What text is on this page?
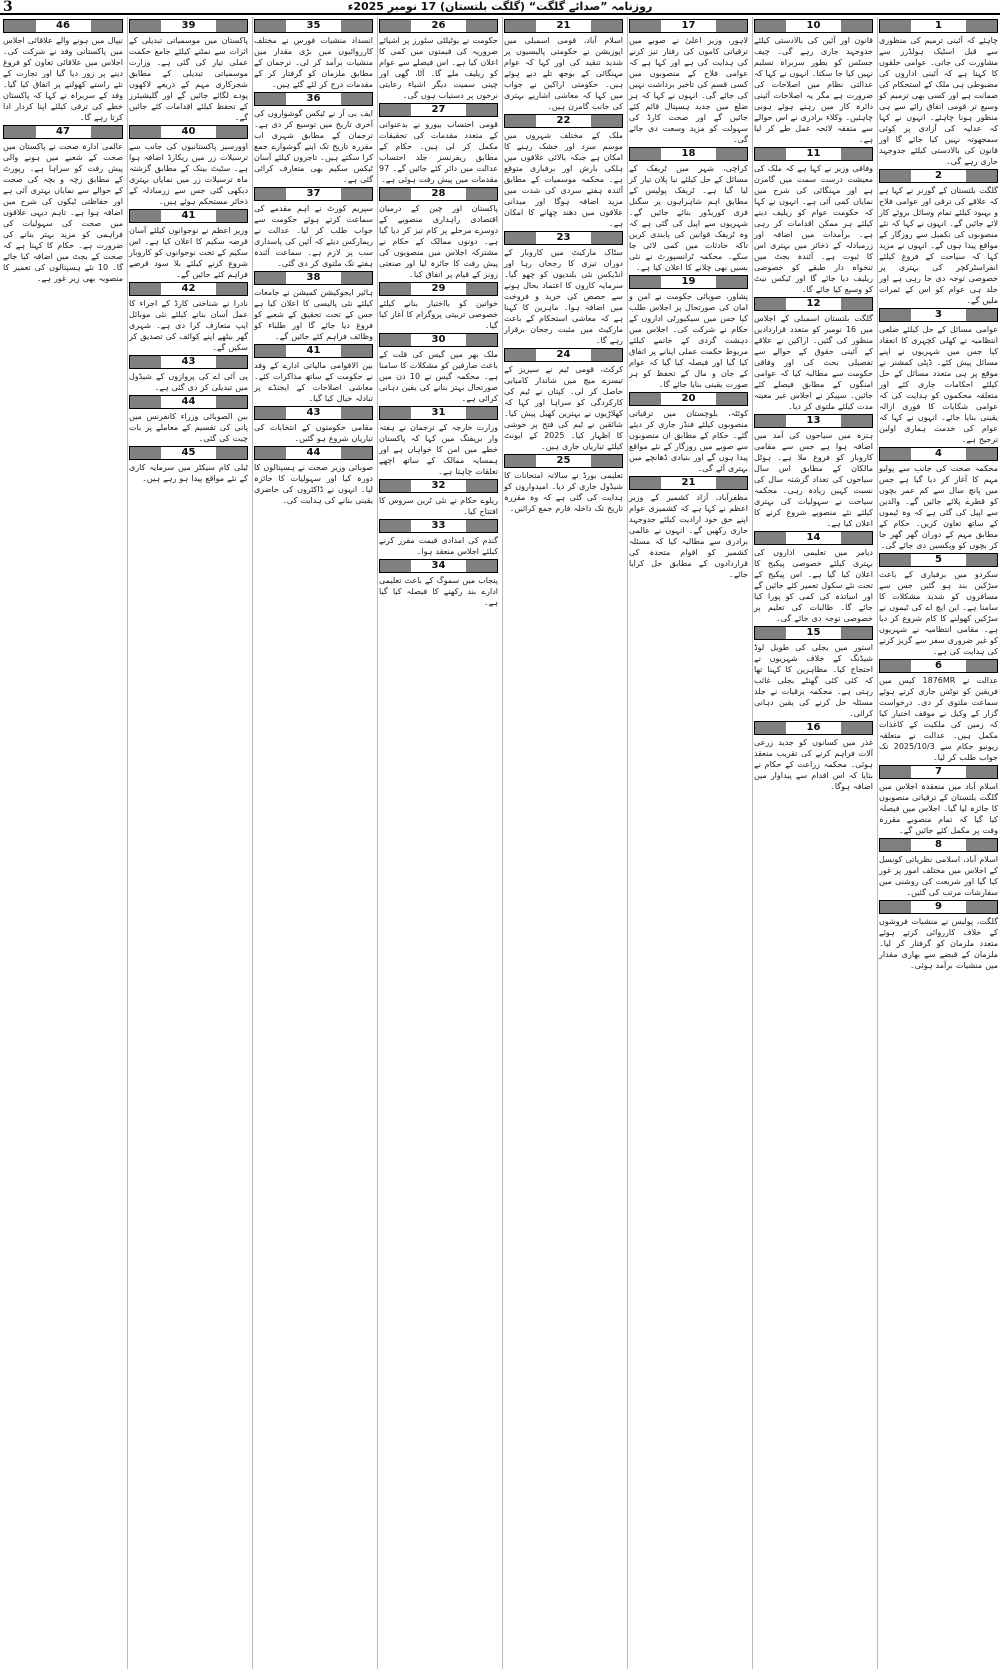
3	روزنامہ ”صدائے گلگت“ (گلگت بلتستان) 17 نومبر 2025ء
1
چاہئے کہ آئینی ترمیم کی منظوری سے قبل اسٹیک ہولڈرز سے مشاورت کی جاتی۔ عوامی حلقوں کا کہنا ہے کہ آئینی اداروں کی مضبوطی ہی ملک کے استحکام کی ضمانت ہے اور کسی بھی ترمیم کو وسیع تر قومی اتفاق رائے سے ہی منظور ہونا چاہئے۔ انہوں نے کہا کہ عدلیہ کی آزادی پر کوئی سمجھوتہ نہیں کیا جائے گا اور قانون کی بالادستی کیلئے جدوجہد جاری رہے گی۔
2
گلگت بلتستان کے گورنر نے کہا ہے کہ علاقے کی ترقی اور عوامی فلاح و بہبود کیلئے تمام وسائل بروئے کار لائے جائیں گے۔ انہوں نے کہا کہ نئے منصوبوں کی تکمیل سے روزگار کے مواقع پیدا ہوں گے۔ انہوں نے مزید کہا کہ سیاحت کے فروغ کیلئے انفراسٹرکچر کی بہتری پر خصوصی توجہ دی جا رہی ہے اور جلد ہی عوام کو اس کے ثمرات ملیں گے۔
3
عوامی مسائل کے حل کیلئے ضلعی انتظامیہ نے کھلی کچہری کا انعقاد کیا جس میں شہریوں نے اپنے مسائل پیش کئے۔ ڈپٹی کمشنر نے موقع پر ہی متعدد مسائل کے حل کیلئے احکامات جاری کئے اور متعلقہ محکموں کو ہدایت کی کہ عوامی شکایات کا فوری ازالہ یقینی بنایا جائے۔ انہوں نے کہا کہ عوام کی خدمت ہماری اولین ترجیح ہے۔
4
محکمہ صحت کی جانب سے پولیو مہم کا آغاز کر دیا گیا ہے جس میں پانچ سال سے کم عمر بچوں کو قطرے پلائے جائیں گے۔ والدین سے اپیل کی گئی ہے کہ وہ ٹیموں کے ساتھ تعاون کریں۔ حکام کے مطابق مہم کے دوران گھر گھر جا کر بچوں کو ویکسین دی جائے گی۔
5
سکردو میں برفباری کے باعث سڑکیں بند ہو گئیں جس سے مسافروں کو شدید مشکلات کا سامنا ہے۔ این ایچ اے کی ٹیموں نے سڑکیں کھولنے کا کام شروع کر دیا ہے۔ مقامی انتظامیہ نے شہریوں کو غیر ضروری سفر سے گریز کرنے کی ہدایت کی ہے۔
6
عدالت نے 1876MR کیس میں فریقین کو نوٹس جاری کرتے ہوئے سماعت ملتوی کر دی۔ درخواست گزار کے وکیل نے موقف اختیار کیا کہ زمین کی ملکیت کے کاغذات مکمل ہیں۔ عدالت نے متعلقہ ریونیو حکام سے 2025/10/3 تک جواب طلب کر لیا۔
7
اسلام آباد میں منعقدہ اجلاس میں گلگت بلتستان کے ترقیاتی منصوبوں کا جائزہ لیا گیا۔ اجلاس میں فیصلہ کیا گیا کہ تمام منصوبے مقررہ وقت پر مکمل کئے جائیں گے۔
8
اسلام آباد، اسلامی نظریاتی کونسل کے اجلاس میں مختلف امور پر غور کیا گیا اور شریعت کی روشنی میں سفارشات مرتب کی گئیں۔
9
گلگت، پولیس نے منشیات فروشوں کے خلاف کارروائی کرتے ہوئے متعدد ملزمان کو گرفتار کر لیا۔ ملزمان کے قبضے سے بھاری مقدار میں منشیات برآمد ہوئی۔
10
قانون اور آئین کی بالادستی کیلئے جدوجہد جاری رہے گی۔ چیف جسٹس کو بطور سربراہ تسلیم نہیں کیا جا سکتا۔ انہوں نے کہا کہ عدالتی نظام میں اصلاحات کی ضرورت ہے مگر یہ اصلاحات آئینی دائرہ کار میں رہتے ہوئے ہونی چاہئیں۔ وکلاء برادری نے اس حوالے سے متفقہ لائحہ عمل طے کر لیا ہے۔
11
وفاقی وزیر نے کہا ہے کہ ملک کی معیشت درست سمت میں گامزن ہے اور مہنگائی کی شرح میں نمایاں کمی آئی ہے۔ انہوں نے کہا کہ حکومت عوام کو ریلیف دینے کیلئے ہر ممکن اقدامات کر رہی ہے۔ برآمدات میں اضافہ اور زرمبادلہ کے ذخائر میں بہتری اس کا ثبوت ہے۔ آئندہ بجٹ میں تنخواہ دار طبقے کو خصوصی ریلیف دیا جائے گا اور ٹیکس نیٹ کو وسیع کیا جائے گا۔
12
گلگت بلتستان اسمبلی کے اجلاس میں 16 نومبر کو متعدد قراردادیں منظور کی گئیں۔ اراکین نے علاقے کے آئینی حقوق کے حوالے سے تفصیلی بحث کی اور وفاقی حکومت سے مطالبہ کیا کہ عوامی امنگوں کے مطابق فیصلے کئے جائیں۔ سپیکر نے اجلاس غیر معینہ مدت کیلئے ملتوی کر دیا۔
13
ہنزہ میں سیاحوں کی آمد میں اضافہ ہوا ہے جس سے مقامی کاروبار کو فروغ ملا ہے۔ ہوٹل مالکان کے مطابق اس سال سیاحوں کی تعداد گزشتہ سال کی نسبت کہیں زیادہ رہی۔ محکمہ سیاحت نے سہولیات کی بہتری کیلئے نئے منصوبے شروع کرنے کا اعلان کیا ہے۔
14
دیامر میں تعلیمی اداروں کی بہتری کیلئے خصوصی پیکیج کا اعلان کیا گیا ہے۔ اس پیکیج کے تحت نئے سکول تعمیر کئے جائیں گے اور اساتذہ کی کمی کو پورا کیا جائے گا۔ طالبات کی تعلیم پر خصوصی توجہ دی جائے گی۔
15
استور میں بجلی کی طویل لوڈ شیڈنگ کے خلاف شہریوں نے احتجاج کیا۔ مظاہرین کا کہنا تھا کہ کئی کئی گھنٹے بجلی غائب رہتی ہے۔ محکمہ برقیات نے جلد مسئلہ حل کرنے کی یقین دہانی کرائی۔
16
غذر میں کسانوں کو جدید زرعی آلات فراہم کرنے کی تقریب منعقد ہوئی۔ محکمہ زراعت کے حکام نے بتایا کہ اس اقدام سے پیداوار میں اضافہ ہوگا۔
17
لاہور، وزیر اعلیٰ نے صوبے میں ترقیاتی کاموں کی رفتار تیز کرنے کی ہدایت کی ہے اور کہا ہے کہ عوامی فلاح کے منصوبوں میں کسی قسم کی تاخیر برداشت نہیں کی جائے گی۔ انہوں نے کہا کہ ہر ضلع میں جدید ہسپتال قائم کئے جائیں گے اور صحت کارڈ کی سہولت کو مزید وسعت دی جائے گی۔
18
کراچی، شہر میں ٹریفک کے مسائل کے حل کیلئے نیا پلان تیار کر لیا گیا ہے۔ ٹریفک پولیس کے مطابق اہم شاہراہوں پر سگنل فری کوریڈور بنائے جائیں گے۔ شہریوں سے اپیل کی گئی ہے کہ وہ ٹریفک قوانین کی پابندی کریں تاکہ حادثات میں کمی لائی جا سکے۔ محکمہ ٹرانسپورٹ نے نئی بسیں بھی چلانے کا اعلان کیا ہے۔
19
پشاور، صوبائی حکومت نے امن و امان کی صورتحال پر اجلاس طلب کیا جس میں سیکیورٹی اداروں کے حکام نے شرکت کی۔ اجلاس میں دہشت گردی کے خاتمے کیلئے مربوط حکمت عملی اپنانے پر اتفاق کیا گیا اور فیصلہ کیا گیا کہ عوام کے جان و مال کے تحفظ کو ہر صورت یقینی بنایا جائے گا۔
20
کوئٹہ، بلوچستان میں ترقیاتی منصوبوں کیلئے فنڈز جاری کر دیئے گئے۔ حکام کے مطابق ان منصوبوں سے صوبے میں روزگار کے نئے مواقع پیدا ہوں گے اور بنیادی ڈھانچے میں بہتری آئے گی۔
21
مظفرآباد، آزاد کشمیر کے وزیر اعظم نے کہا ہے کہ کشمیری عوام اپنے حق خود ارادیت کیلئے جدوجہد جاری رکھیں گے۔ انہوں نے عالمی برادری سے مطالبہ کیا کہ مسئلہ کشمیر کو اقوام متحدہ کی قراردادوں کے مطابق حل کرایا جائے۔
21
اسلام آباد، قومی اسمبلی میں اپوزیشن نے حکومتی پالیسیوں پر شدید تنقید کی اور کہا کہ عوام مہنگائی کے بوجھ تلے دبے ہوئے ہیں۔ حکومتی اراکین نے جواب میں کہا کہ معاشی اشاریے بہتری کی جانب گامزن ہیں۔
22
ملک کے مختلف شہروں میں موسم سرد اور خشک رہنے کا امکان ہے جبکہ بالائی علاقوں میں ہلکی بارش اور برفباری متوقع ہے۔ محکمہ موسمیات کے مطابق آئندہ ہفتے سردی کی شدت میں مزید اضافہ ہوگا اور میدانی علاقوں میں دھند چھانے کا امکان ہے۔
23
سٹاک مارکیٹ میں کاروبار کے دوران تیزی کا رجحان رہا اور انڈیکس نئی بلندیوں کو چھو گیا۔ سرمایہ کاروں کا اعتماد بحال ہونے سے حصص کی خرید و فروخت میں اضافہ ہوا۔ ماہرین کا کہنا ہے کہ معاشی استحکام کے باعث مارکیٹ میں مثبت رجحان برقرار رہے گا۔
24
کرکٹ، قومی ٹیم نے سیریز کے تیسرے میچ میں شاندار کامیابی حاصل کر لی۔ کپتان نے ٹیم کی کارکردگی کو سراہا اور کہا کہ کھلاڑیوں نے بہترین کھیل پیش کیا۔ شائقین نے ٹیم کی فتح پر خوشی کا اظہار کیا۔ 2025 کے ایونٹ کیلئے تیاریاں جاری ہیں۔
25
تعلیمی بورڈ نے سالانہ امتحانات کا شیڈول جاری کر دیا۔ امیدواروں کو ہدایت کی گئی ہے کہ وہ مقررہ تاریخ تک داخلہ فارم جمع کرائیں۔
26
حکومت نے یوٹیلٹی سٹورز پر اشیائے ضروریہ کی قیمتوں میں کمی کا اعلان کیا ہے۔ اس فیصلے سے عوام کو ریلیف ملے گا۔ آٹا، گھی اور چینی سمیت دیگر اشیاء رعایتی نرخوں پر دستیاب ہوں گی۔
27
قومی احتساب بیورو نے بدعنوانی کے متعدد مقدمات کی تحقیقات مکمل کر لی ہیں۔ حکام کے مطابق ریفرنسز جلد احتساب عدالت میں دائر کئے جائیں گے۔ 97 مقدمات میں پیش رفت ہوئی ہے۔
28
پاکستان اور چین کے درمیان اقتصادی راہداری منصوبے کے دوسرے مرحلے پر کام تیز کر دیا گیا ہے۔ دونوں ممالک کے حکام نے مشترکہ اجلاس میں منصوبوں کی پیش رفت کا جائزہ لیا اور صنعتی زونز کے قیام پر اتفاق کیا۔
29
خواتین کو بااختیار بنانے کیلئے خصوصی تربیتی پروگرام کا آغاز کیا گیا۔
30
ملک بھر میں گیس کی قلت کے باعث صارفین کو مشکلات کا سامنا ہے۔ محکمہ گیس نے 10 دن میں صورتحال بہتر بنانے کی یقین دہانی کرائی ہے۔
31
وزارت خارجہ کے ترجمان نے ہفتہ وار بریفنگ میں کہا کہ پاکستان خطے میں امن کا خواہاں ہے اور ہمسایہ ممالک کے ساتھ اچھے تعلقات چاہتا ہے۔
32
ریلوے حکام نے نئی ٹرین سروس کا افتتاح کیا۔
33
گندم کی امدادی قیمت مقرر کرنے کیلئے اجلاس منعقد ہوا۔
34
پنجاب میں سموگ کے باعث تعلیمی ادارے بند رکھنے کا فیصلہ کیا گیا ہے۔
35
انسداد منشیات فورس نے مختلف کارروائیوں میں بڑی مقدار میں منشیات برآمد کر لی۔ ترجمان کے مطابق ملزمان کو گرفتار کر کے مقدمات درج کر لئے گئے ہیں۔
36
ایف بی آر نے ٹیکس گوشواروں کی آخری تاریخ میں توسیع کر دی ہے۔ ترجمان کے مطابق شہری اب مقررہ تاریخ تک اپنے گوشوارے جمع کرا سکتے ہیں۔ تاجروں کیلئے آسان ٹیکس سکیم بھی متعارف کرائی گئی ہے۔
37
سپریم کورٹ نے اہم مقدمے کی سماعت کرتے ہوئے حکومت سے جواب طلب کر لیا۔ عدالت نے ریمارکس دیئے کہ آئین کی پاسداری سب پر لازم ہے۔ سماعت آئندہ ہفتے تک ملتوی کر دی گئی۔
38
ہائیر ایجوکیشن کمیشن نے جامعات کیلئے نئی پالیسی کا اعلان کیا ہے جس کے تحت تحقیق کے شعبے کو فروغ دیا جائے گا اور طلباء کو وظائف فراہم کئے جائیں گے۔
41
بین الاقوامی مالیاتی ادارے کے وفد نے حکومت کے ساتھ مذاکرات کئے۔ معاشی اصلاحات کے ایجنڈے پر تبادلہ خیال کیا گیا۔
43
مقامی حکومتوں کے انتخابات کی تیاریاں شروع ہو گئیں۔
44
صوبائی وزیر صحت نے ہسپتالوں کا دورہ کیا اور سہولیات کا جائزہ لیا۔ انہوں نے ڈاکٹروں کی حاضری یقینی بنانے کی ہدایت کی۔
39
پاکستان میں موسمیاتی تبدیلی کے اثرات سے نمٹنے کیلئے جامع حکمت عملی تیار کی گئی ہے۔ وزارت موسمیاتی تبدیلی کے مطابق شجرکاری مہم کے ذریعے لاکھوں پودے لگائے جائیں گے اور گلیشیئرز کے تحفظ کیلئے اقدامات کئے جائیں گے۔
40
اوورسیز پاکستانیوں کی جانب سے ترسیلات زر میں ریکارڈ اضافہ ہوا ہے۔ سٹیٹ بینک کے مطابق گزشتہ ماہ ترسیلات زر میں نمایاں بہتری دیکھی گئی جس سے زرمبادلہ کے ذخائر مستحکم ہوئے ہیں۔
41
وزیر اعظم نے نوجوانوں کیلئے آسان قرضہ سکیم کا اعلان کیا ہے۔ اس سکیم کے تحت نوجوانوں کو کاروبار شروع کرنے کیلئے بلا سود قرضے فراہم کئے جائیں گے۔
42
نادرا نے شناختی کارڈ کے اجراء کا عمل آسان بنانے کیلئے نئی موبائل ایپ متعارف کرا دی ہے۔ شہری گھر بیٹھے اپنے کوائف کی تصدیق کر سکیں گے۔
43
پی آئی اے کی پروازوں کے شیڈول میں تبدیلی کر دی گئی ہے۔
44
بین الصوبائی وزراء کانفرنس میں پانی کی تقسیم کے معاملے پر بات چیت کی گئی۔
45
ٹیلی کام سیکٹر میں سرمایہ کاری کے نئے مواقع پیدا ہو رہے ہیں۔
46
نیپال میں ہونے والے علاقائی اجلاس میں پاکستانی وفد نے شرکت کی۔ اجلاس میں علاقائی تعاون کو فروغ دینے پر زور دیا گیا اور تجارت کے نئے راستے کھولنے پر اتفاق کیا گیا۔ وفد کے سربراہ نے کہا کہ پاکستان خطے کی ترقی کیلئے اپنا کردار ادا کرتا رہے گا۔
47
عالمی ادارہ صحت نے پاکستان میں صحت کے شعبے میں ہونے والی پیش رفت کو سراہا ہے۔ رپورٹ کے مطابق زچہ و بچہ کی صحت کے حوالے سے نمایاں بہتری آئی ہے اور حفاظتی ٹیکوں کی شرح میں اضافہ ہوا ہے۔ تاہم دیہی علاقوں میں صحت کی سہولیات کی فراہمی کو مزید بہتر بنانے کی ضرورت ہے۔ حکام کا کہنا ہے کہ صحت کے بجٹ میں اضافہ کیا جائے گا۔ 10 نئے ہسپتالوں کی تعمیر کا منصوبہ بھی زیر غور ہے۔
